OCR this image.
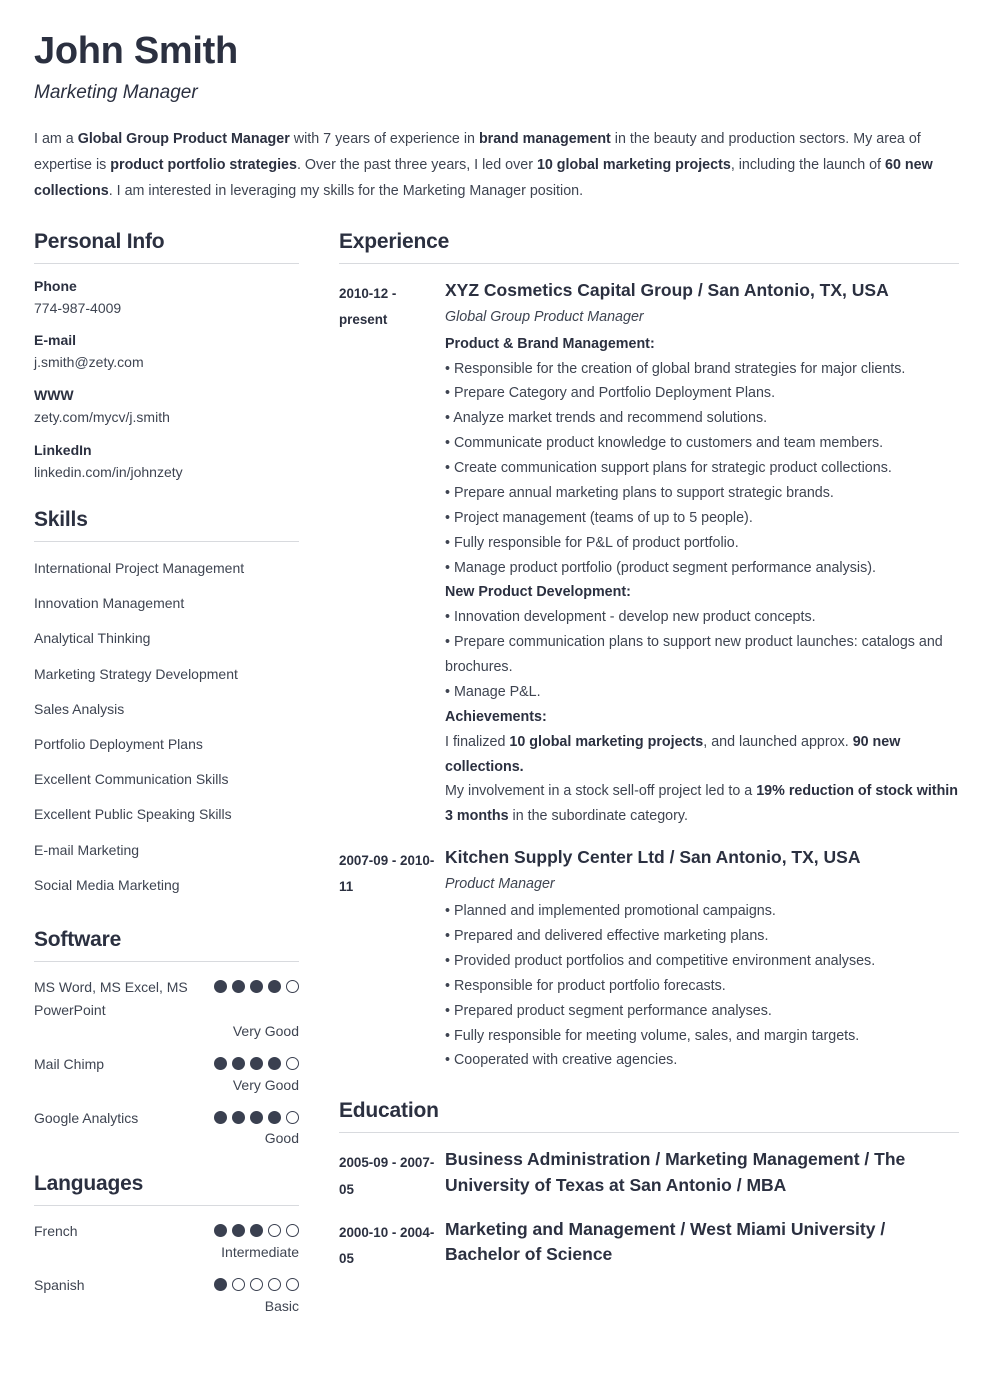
John Smith
Marketing Manager
I am a Global Group Product Manager with 7 years of experience in brand management in the beauty and production sectors. My area of expertise is product portfolio strategies. Over the past three years, I led over 10 global marketing projects, including the launch of 60 new collections. I am interested in leveraging my skills for the Marketing Manager position.
Personal Info
Phone
774-987-4009
E-mail
j.smith@zety.com
WWW
zety.com/mycv/j.smith
LinkedIn
linkedin.com/in/johnzety
Skills
International Project Management
Innovation Management
Analytical Thinking
Marketing Strategy Development
Sales Analysis
Portfolio Deployment Plans
Excellent Communication Skills
Excellent Public Speaking Skills
E-mail Marketing
Social Media Marketing
Software
MS Word, MS Excel, MS PowerPoint
Very Good
Mail Chimp
Very Good
Google Analytics
Good
Languages
French
Intermediate
Spanish
Basic
Experience
2010-12 - present
XYZ Cosmetics Capital Group / San Antonio, TX, USA
Global Group Product Manager
Product & Brand Management:
• Responsible for the creation of global brand strategies for major clients.
• Prepare Category and Portfolio Deployment Plans.
• Analyze market trends and recommend solutions.
• Communicate product knowledge to customers and team members.
• Create communication support plans for strategic product collections.
• Prepare annual marketing plans to support strategic brands.
• Project management (teams of up to 5 people).
• Fully responsible for P&L of product portfolio.
• Manage product portfolio (product segment performance analysis).
New Product Development:
• Innovation development - develop new product concepts.
• Prepare communication plans to support new product launches: catalogs and brochures.
• Manage P&L.
Achievements:
I finalized 10 global marketing projects, and launched approx. 90 new collections.
My involvement in a stock sell-off project led to a 19% reduction of stock within 3 months in the subordinate category.
2007-09 - 2010-11
Kitchen Supply Center Ltd / San Antonio, TX, USA
Product Manager
• Planned and implemented promotional campaigns.
• Prepared and delivered effective marketing plans.
• Provided product portfolios and competitive environment analyses.
• Responsible for product portfolio forecasts.
• Prepared product segment performance analyses.
• Fully responsible for meeting volume, sales, and margin targets.
• Cooperated with creative agencies.
Education
2005-09 - 2007-05
Business Administration / Marketing Management / The University of Texas at San Antonio / MBA
2000-10 - 2004-05
Marketing and Management / West Miami University / Bachelor of Science
